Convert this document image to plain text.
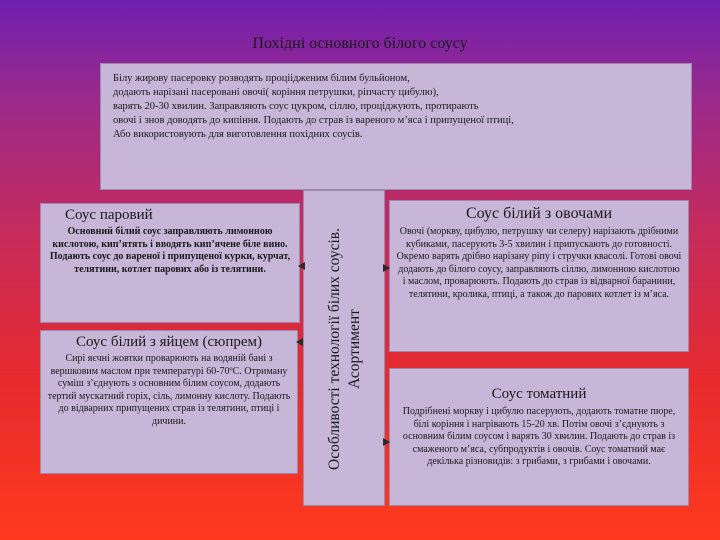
Похідні основного білого соусу

Білу жирову пасеровку розводять проціідженим білим бульйоном,
додають нарізані пасеровані овочі( коріння петрушки, ріпчасту цибулю),
варять 20-30 хвилин. Заправляють соус цукром, сіллю, проціджують, протирають
овочі і знов доводять до кипіння. Подають до страв із вареного м’яса і припущеної птиці,
Або використовують для виготовлення похідних соусів.

Соус паровий
Основний білий соус заправляють лимонною кислотою, кип’ятять і вводять кип’ячене біле вино. Подають соус до вареної і припущеної курки, курчат, телятини, котлет парових або із телятини.
Соус білий з яйцем (сюпрем)
Сирі яєчні жовтки проварюють на водяній бані з вершковим маслом при температурі 60-70ºС. Отриману суміш з’єднують з основним білим соусом, додають тертий мускатний горіх, сіль, лимонну кислоту. Подають до відварних припущених страв із телятини, птиці і дичини.	Особливості технології білих соусів. Асортимент
Соус білий з овочами
Овочі (моркву, цибулю, петрушку чи селеру) нарізають дрібними кубиками, пасерують 3-5 хвилин і припускають до готовності. Окремо варять дрібно нарізану ріпу і стручки квасолі. Готові овочі додають до білого соусу, заправляють сіллю, лимонною кислотою і маслом, проварюють. Подають до страв із відварної баранини, телятини, кролика, птиці, а також до парових котлет із м’яса.
Соус томатний
Подрібнені моркву і цибулю пасерують, додають томатне пюре, білі коріння і нагрівають 15-20 хв. Потім овочі з’єднують з основним білим соусом і варять 30 хвилин. Подають до страв із смаженого м’яса, субпродуктів і овочів. Соус томатний має декілька різновидів: з грибами, з грибами і овочами.
